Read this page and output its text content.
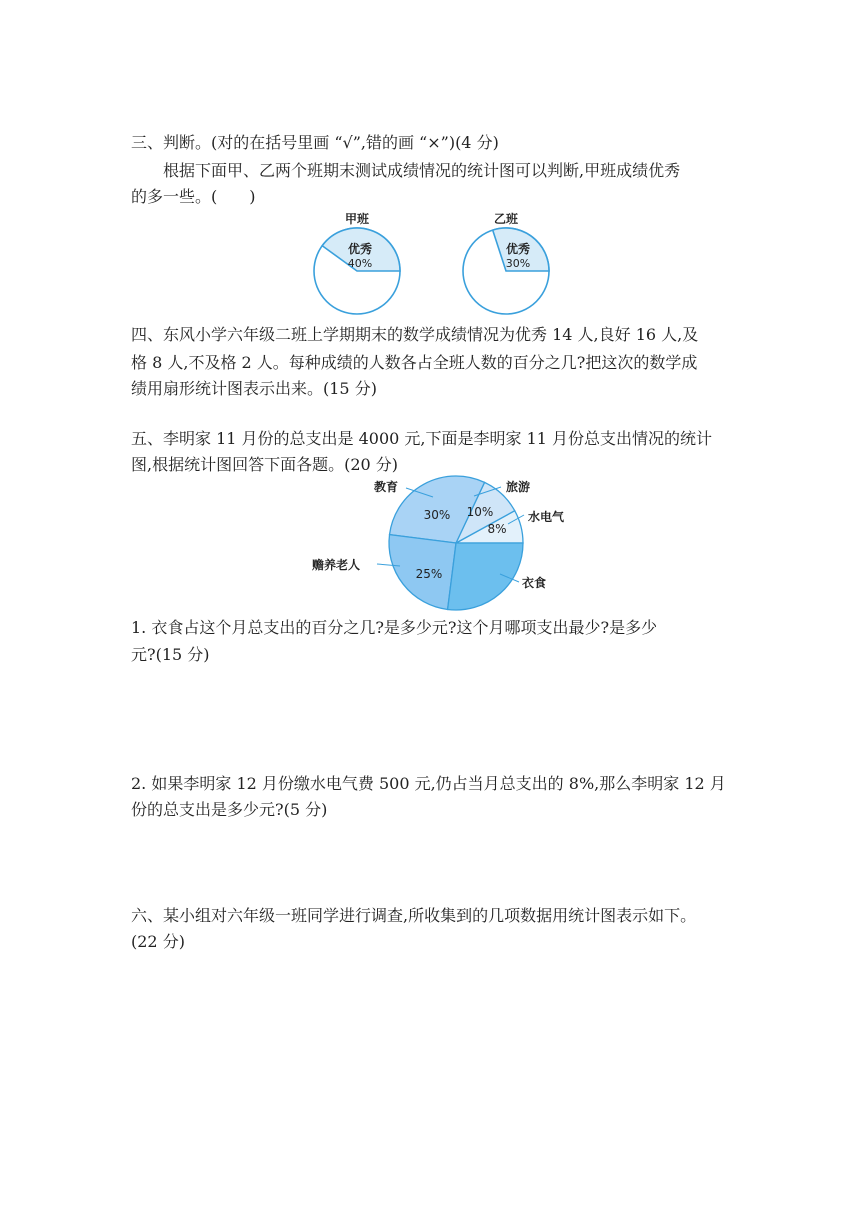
三、判断。(对的在括号里画 “√”,错的画 “×”)(4 分)

根据下面甲、乙两个班期末测试成绩情况的统计图可以判断,甲班成绩优秀

的多一些。(　　)

甲班
优秀
40%
乙班
优秀
30%

四、东风小学六年级二班上学期期末的数学成绩情况为优秀 14 人,良好 16 人,及

格 8 人,不及格 2 人。每种成绩的人数各占全班人数的百分之几?把这次的数学成

绩用扇形统计图表示出来。(15 分)

五、李明家 11 月份的总支出是 4000 元,下面是李明家 11 月份总支出情况的统计

图,根据统计图回答下面各题。(20 分)

教育	旅游
水电气
赡养老人
衣食
30% 10%
8%
25%

1. 衣食占这个月总支出的百分之几?是多少元?这个月哪项支出最少?是多少

元?(15 分)

2. 如果李明家 12 月份缴水电气费 500 元,仍占当月总支出的 8%,那么李明家 12 月

份的总支出是多少元?(5 分)

六、某小组对六年级一班同学进行调查,所收集到的几项数据用统计图表示如下。

(22 分)
